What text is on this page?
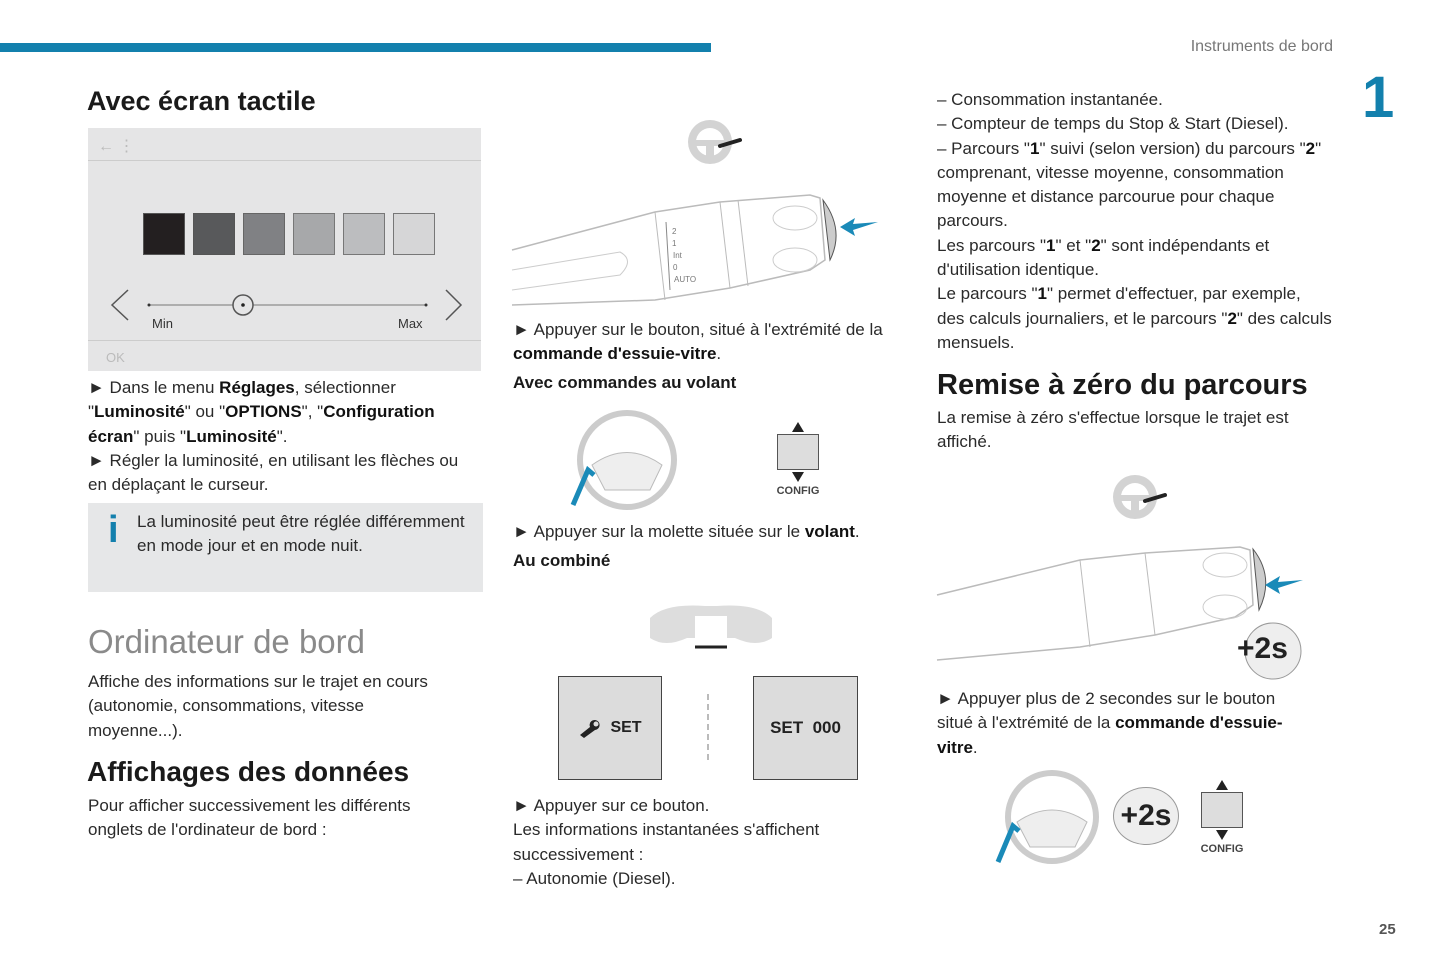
Instruments de bord
1
25
Avec écran tactile
← ⋮
Min	Max
OK
► Dans le menu Réglages, sélectionner "Luminosité" ou "OPTIONS", "Configuration écran" puis "Luminosité".
► Régler la luminosité, en utilisant les flèches ou en déplaçant le curseur.
i	La luminosité peut être réglée différemment en mode jour et en mode nuit.
Ordinateur de bord
Affiche des informations sur le trajet en cours (autonomie, consommations, vitesse moyenne...).
Affichages des données
Pour afficher successivement les différents onglets de l'ordinateur de bord :
2
1
Int
0
AUTO
► Appuyer sur le bouton, situé à l'extrémité de la commande d'essuie-vitre.
Avec commandes au volant
CONFIG
► Appuyer sur la molette située sur le volant.
Au combiné
SET	SET  000
► Appuyer sur ce bouton.
Les informations instantanées s'affichent successivement :
– Autonomie (Diesel).
– Consommation instantanée.
– Compteur de temps du Stop & Start (Diesel).
– Parcours "1" suivi (selon version) du parcours "2" comprenant, vitesse moyenne, consommation moyenne et distance parcourue pour chaque parcours.
Les parcours "1" et "2" sont indépendants et d'utilisation identique.
Le parcours "1" permet d'effectuer, par exemple, des calculs journaliers, et le parcours "2" des calculs mensuels.
Remise à zéro du parcours
La remise à zéro s'effectue lorsque le trajet est affiché.
+2s
► Appuyer plus de 2 secondes sur le bouton situé à l'extrémité de la commande d'essuie-vitre.
+2s
CONFIG
